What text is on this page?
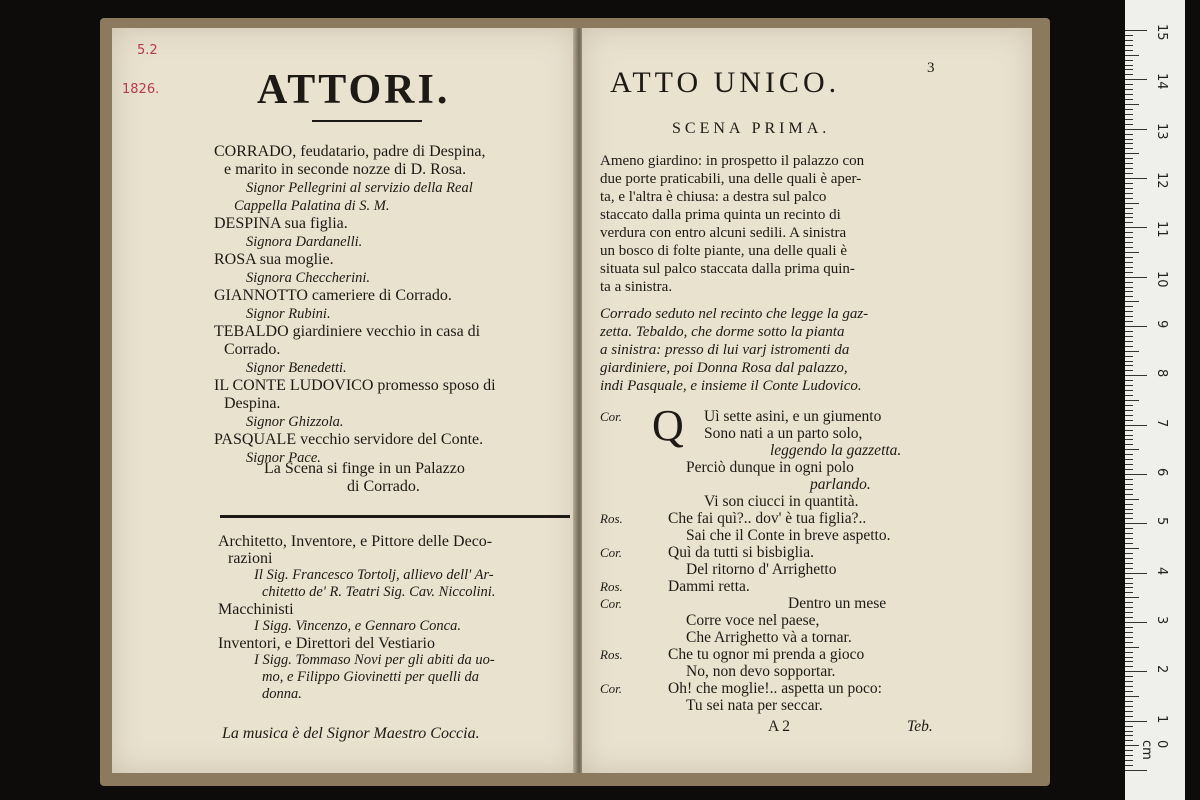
1826.
5.2
ATTORI.
CORRADO, feudatario, padre di Despina,
e marito in seconde nozze di D. Rosa.
Signor Pellegrini al servizio della Real
Cappella Palatina di S. M.
DESPINA sua figlia.
Signora Dardanelli.
ROSA sua moglie.
Signora Checcherini.
GIANNOTTO cameriere di Corrado.
Signor Rubini.
TEBALDO giardiniere vecchio in casa di
Corrado.
Signor Benedetti.
IL CONTE LUDOVICO promesso sposo di
Despina.
Signor Ghizzola.
PASQUALE vecchio servidore del Conte.
Signor Pace.
La Scena si finge in un Palazzo
di Corrado.
Architetto, Inventore, e Pittore delle Deco-
razioni
Il Sig. Francesco Tortolj, allievo dell' Ar-
chitetto de' R. Teatri Sig. Cav. Niccolini.
Macchinisti
I Sigg. Vincenzo, e Gennaro Conca.
Inventori, e Direttori del Vestiario
I Sigg. Tommaso Novi per gli abiti da uo-
mo, e Filippo Giovinetti per quelli da
donna.
La musica è del Signor Maestro Coccia.
ATTO UNICO.	3
SCENA PRIMA.
Ameno giardino: in prospetto il palazzo con
due porte praticabili, una delle quali è aper-
ta, e l'altra è chiusa: a destra sul palco
staccato dalla prima quinta un recinto di
verdura con entro alcuni sedili. A sinistra
un bosco di folte piante, una delle quali è
situata sul palco staccata dalla prima quin-
ta a sinistra.
Corrado seduto nel recinto che legge la gaz-
zetta. Tebaldo, che dorme sotto la pianta
a sinistra: presso di lui varj istromenti da
giardiniere, poi Donna Rosa dal palazzo,
indi Pasquale, e insieme il Conte Ludovico.
Q
Cor.	Uì sette asini, e un giumento
Sono nati a un parto solo,
leggendo la gazzetta.
Perciò dunque in ogni polo
parlando.
Vi son ciucci in quantità.
Ros.	Che fai quì?.. dov' è tua figlia?..
Sai che il Conte in breve aspetto.
Cor.	Quì da tutti si bisbiglia.
Del ritorno d' Arrighetto
Ros.	Dammi retta.
Cor.	Dentro un mese
Corre voce nel paese,
Che Arrighetto và a tornar.
Ros.	Che tu ognor mi prenda a gioco
No, non devo sopportar.
Cor.	Oh! che moglie!.. aspetta un poco:
Tu sei nata per seccar.
A 2	Teb.
0 cm
1
2
3
4
5
6
7
8
9
10
11
12
13
14
15
